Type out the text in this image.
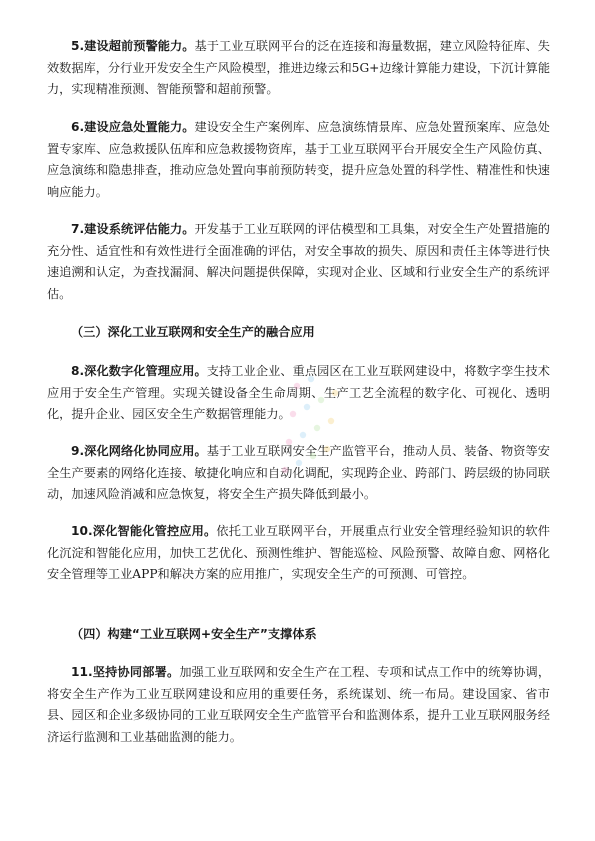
5.建设超前预警能力。基于工业互联网平台的泛在连接和海量数据，建立风险特征库、失效数据库，分行业开发安全生产风险模型，推进边缘云和5G+边缘计算能力建设，下沉计算能力，实现精准预测、智能预警和超前预警。

6.建设应急处置能力。建设安全生产案例库、应急演练情景库、应急处置预案库、应急处置专家库、应急救援队伍库和应急救援物资库，基于工业互联网平台开展安全生产风险仿真、应急演练和隐患排查，推动应急处置向事前预防转变，提升应急处置的科学性、精准性和快速响应能力。

7.建设系统评估能力。开发基于工业互联网的评估模型和工具集，对安全生产处置措施的充分性、适宜性和有效性进行全面准确的评估，对安全事故的损失、原因和责任主体等进行快速追溯和认定，为查找漏洞、解决问题提供保障，实现对企业、区域和行业安全生产的系统评估。

（三）深化工业互联网和安全生产的融合应用

8.深化数字化管理应用。支持工业企业、重点园区在工业互联网建设中，将数字孪生技术应用于安全生产管理。实现关键设备全生命周期、生产工艺全流程的数字化、可视化、透明化，提升企业、园区安全生产数据管理能力。

9.深化网络化协同应用。基于工业互联网安全生产监管平台，推动人员、装备、物资等安全生产要素的网络化连接、敏捷化响应和自动化调配，实现跨企业、跨部门、跨层级的协同联动，加速风险消减和应急恢复，将安全生产损失降低到最小。

10.深化智能化管控应用。依托工业互联网平台，开展重点行业安全管理经验知识的软件化沉淀和智能化应用，加快工艺优化、预测性维护、智能巡检、风险预警、故障自愈、网格化安全管理等工业APP和解决方案的应用推广，实现安全生产的可预测、可管控。

（四）构建“工业互联网+安全生产”支撑体系

11.坚持协同部署。加强工业互联网和安全生产在工程、专项和试点工作中的统筹协调，将安全生产作为工业互联网建设和应用的重要任务，系统谋划、统一布局。建设国家、省市县、园区和企业多级协同的工业互联网安全生产监管平台和监测体系，提升工业互联网服务经济运行监测和工业基础监测的能力。
